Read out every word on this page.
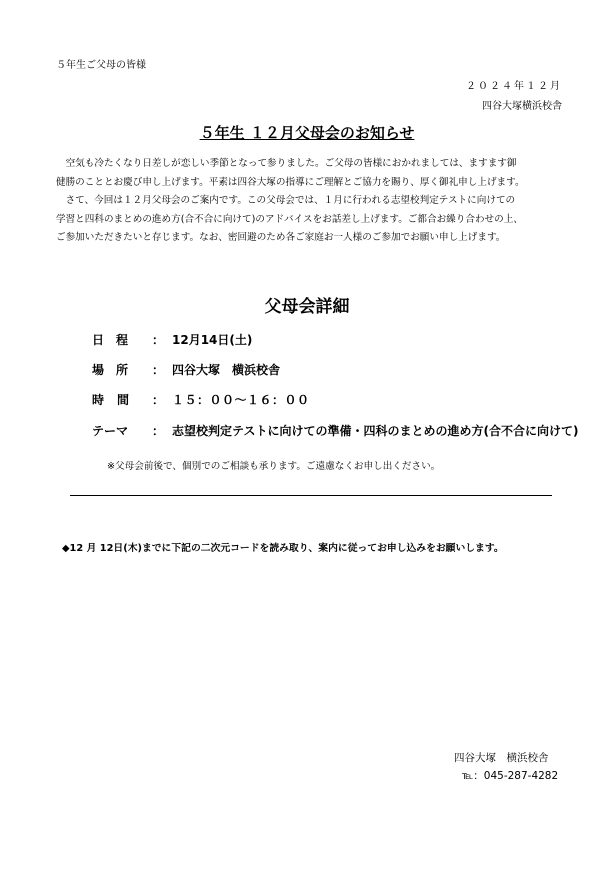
５年生ご父母の皆様
２０２４年１２月
四谷大塚横浜校舎
５年生 １２月父母会のお知らせ

　空気も冷たくなり日差しが恋しい季節となって参りました。ご父母の皆様におかれましては、ますます御

健勝のこととお慶び申し上げます。平素は四谷大塚の指導にご理解とご協力を賜り、厚く御礼申し上げます。

　さて、今回は１２月父母会のご案内です。この父母会では、１月に行われる志望校判定テストに向けての

学習と四科のまとめの進め方(合不合に向けて)のアドバイスをお話差し上げます。ご都合お繰り合わせの上、

ご参加いただきたいと存じます。なお、密回避のため各ご家庭お一人様のご参加でお願い申し上げます。

父母会詳細
日　程	： 12月14日(土)
場　所	： 四谷大塚　横浜校舎
時　間	： １５：００〜１６：００
テーマ	： 志望校判定テストに向けての準備・四科のまとめの進め方(合不合に向けて)
※父母会前後で、個別でのご相談も承ります。ご遠慮なくお申し出ください。
◆12 月 12日(木)までに下記の二次元コードを読み取り、案内に従ってお申し込みをお願いします。
四谷大塚　横浜校舎
℡：045-287-4282
